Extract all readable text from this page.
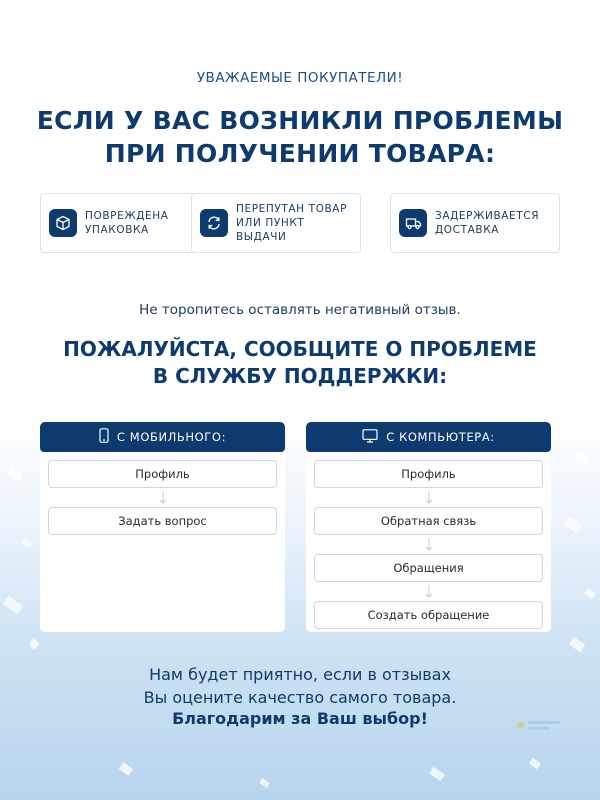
УВАЖАЕМЫЕ ПОКУПАТЕЛИ!
ЕСЛИ У ВАС ВОЗНИКЛИ ПРОБЛЕМЫ
ПРИ ПОЛУЧЕНИИ ТОВАРА:
ПОВРЕЖДЕНА
УПАКОВКА
ПЕРЕПУТАН ТОВАР
ИЛИ ПУНКТ ВЫДАЧИ
ЗАДЕРЖИВАЕТСЯ
ДОСТАВКА
Не торопитесь оставлять негативный отзыв.
ПОЖАЛУЙСТА, СООБЩИТЕ О ПРОБЛЕМЕ
В СЛУЖБУ ПОДДЕРЖКИ:
С МОБИЛЬНОГО:
Профиль
Задать вопрос
С КОМПЬЮТЕРА:
Профиль
Обратная связь
Обращения
Создать обращение
Нам будет приятно, если в отзывах
Вы оцените качество самого товара.
Благодарим за Ваш выбор!
